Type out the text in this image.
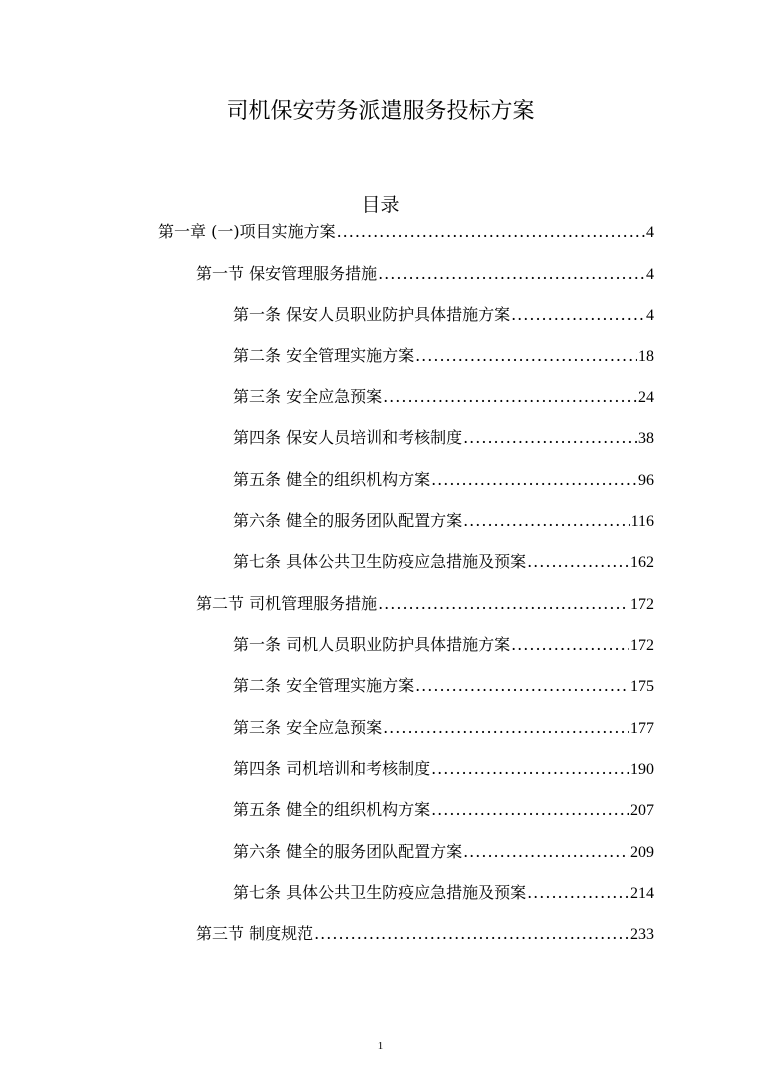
司机保安劳务派遣服务投标方案
目录
第一章 (一)项目实施方案 .....	4
第一节 保安管理服务措施 .....	4
第一条 保安人员职业防护具体措施方案 .....	4
第二条 安全管理实施方案 .....	18
第三条 安全应急预案 .....	24
第四条 保安人员培训和考核制度 .....	38
第五条 健全的组织机构方案 .....	96
第六条 健全的服务团队配置方案 .....	116
第七条 具体公共卫生防疫应急措施及预案 .....	162
第二节 司机管理服务措施 .....	172
第一条 司机人员职业防护具体措施方案 .....	172
第二条 安全管理实施方案 .....	175
第三条 安全应急预案 .....	177
第四条 司机培训和考核制度 .....	190
第五条 健全的组织机构方案 .....	207
第六条 健全的服务团队配置方案 .....	209
第七条 具体公共卫生防疫应急措施及预案 .....	214
第三节 制度规范 .....	233
1
